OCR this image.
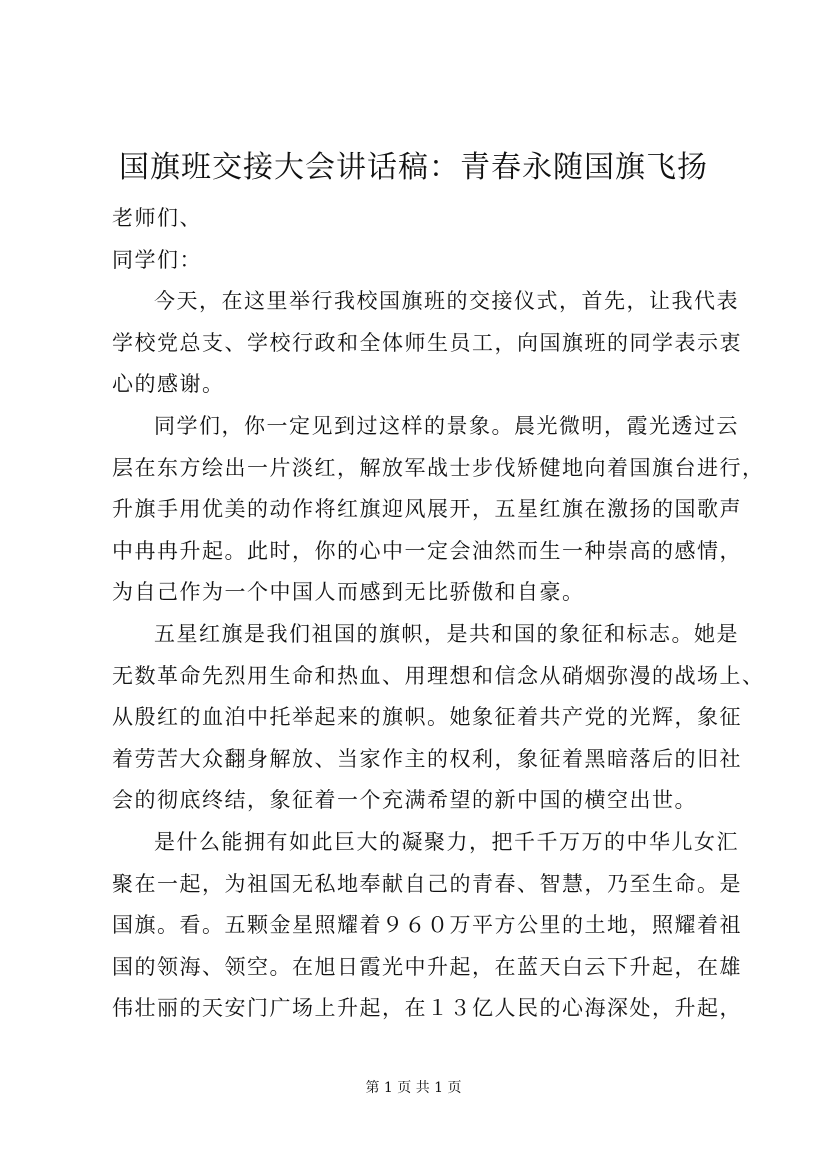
国旗班交接大会讲话稿：青春永随国旗飞扬
老师们、
同学们：
今天，在这里举行我校国旗班的交接仪式，首先，让我代表
学校党总支、学校行政和全体师生员工，向国旗班的同学表示衷
心的感谢。
同学们，你一定见到过这样的景象。晨光微明，霞光透过云
层在东方绘出一片淡红，解放军战士步伐矫健地向着国旗台进行，
升旗手用优美的动作将红旗迎风展开，五星红旗在激扬的国歌声
中冉冉升起。此时，你的心中一定会油然而生一种崇高的感情，
为自己作为一个中国人而感到无比骄傲和自豪。
五星红旗是我们祖国的旗帜，是共和国的象征和标志。她是
无数革命先烈用生命和热血、用理想和信念从硝烟弥漫的战场上、
从殷红的血泊中托举起来的旗帜。她象征着共产党的光辉，象征
着劳苦大众翻身解放、当家作主的权利，象征着黑暗落后的旧社
会的彻底终结，象征着一个充满希望的新中国的横空出世。
是什么能拥有如此巨大的凝聚力，把千千万万的中华儿女汇
聚在一起，为祖国无私地奉献自己的青春、智慧，乃至生命。是
国旗。看。五颗金星照耀着９６０万平方公里的土地，照耀着祖
国的领海、领空。在旭日霞光中升起，在蓝天白云下升起，在雄
伟壮丽的天安门广场上升起，在１３亿人民的心海深处，升起，
第 1 页 共 1 页
